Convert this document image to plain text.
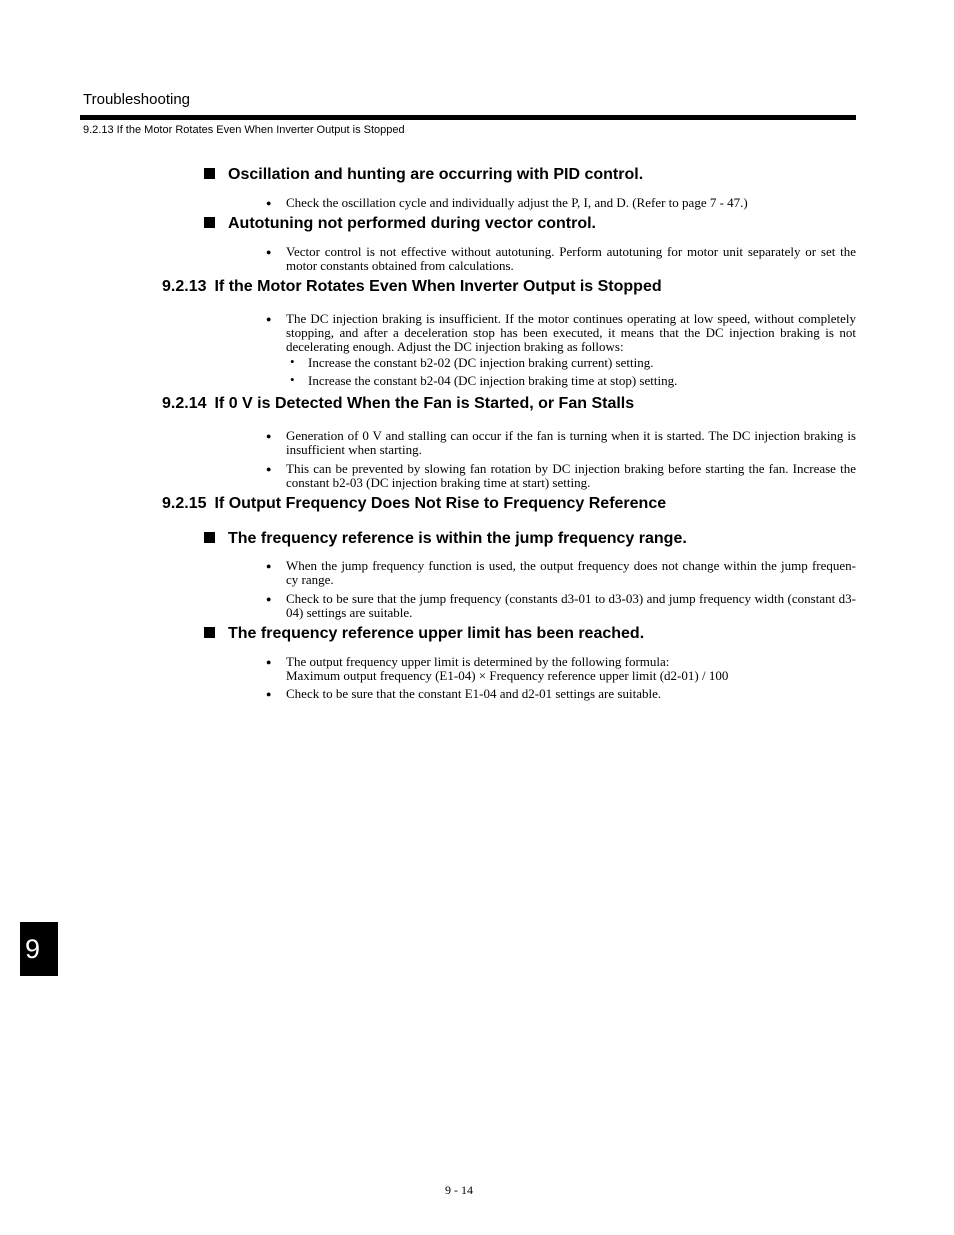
Troubleshooting
9.2.13 If the Motor Rotates Even When Inverter Output is Stopped
Oscillation and hunting are occurring with PID control.
● Check the oscillation cycle and individually adjust the P, I, and D. (Refer to page 7 - 47.)
Autotuning not performed during vector control.
● Vector control is not effective without autotuning. Perform autotuning for motor unit separately or set the motor constants obtained from calculations.
9.2.13 If the Motor Rotates Even When Inverter Output is Stopped
● The DC injection braking is insufficient. If the motor continues operating at low speed, without completely stopping, and after a deceleration stop has been executed, it means that the DC injection braking is not decelerating enough. Adjust the DC injection braking as follows:
• Increase the constant b2-02 (DC injection braking current) setting.
• Increase the constant b2-04 (DC injection braking time at stop) setting.
9.2.14 If 0 V is Detected When the Fan is Started, or Fan Stalls
● Generation of 0 V and stalling can occur if the fan is turning when it is started. The DC injection braking is insufficient when starting.
● This can be prevented by slowing fan rotation by DC injection braking before starting the fan. Increase the constant b2-03 (DC injection braking time at start) setting.
9.2.15 If Output Frequency Does Not Rise to Frequency Reference
The frequency reference is within the jump frequency range.
● When the jump frequency function is used, the output frequency does not change within the jump frequen- cy range.
● Check to be sure that the jump frequency (constants d3-01 to d3-03) and jump frequency width (constant d3-04) settings are suitable.
The frequency reference upper limit has been reached.
● The output frequency upper limit is determined by the following formula:
Maximum output frequency (E1-04) × Frequency reference upper limit (d2-01) / 100
● Check to be sure that the constant E1-04 and d2-01 settings are suitable.
9
9 - 14
